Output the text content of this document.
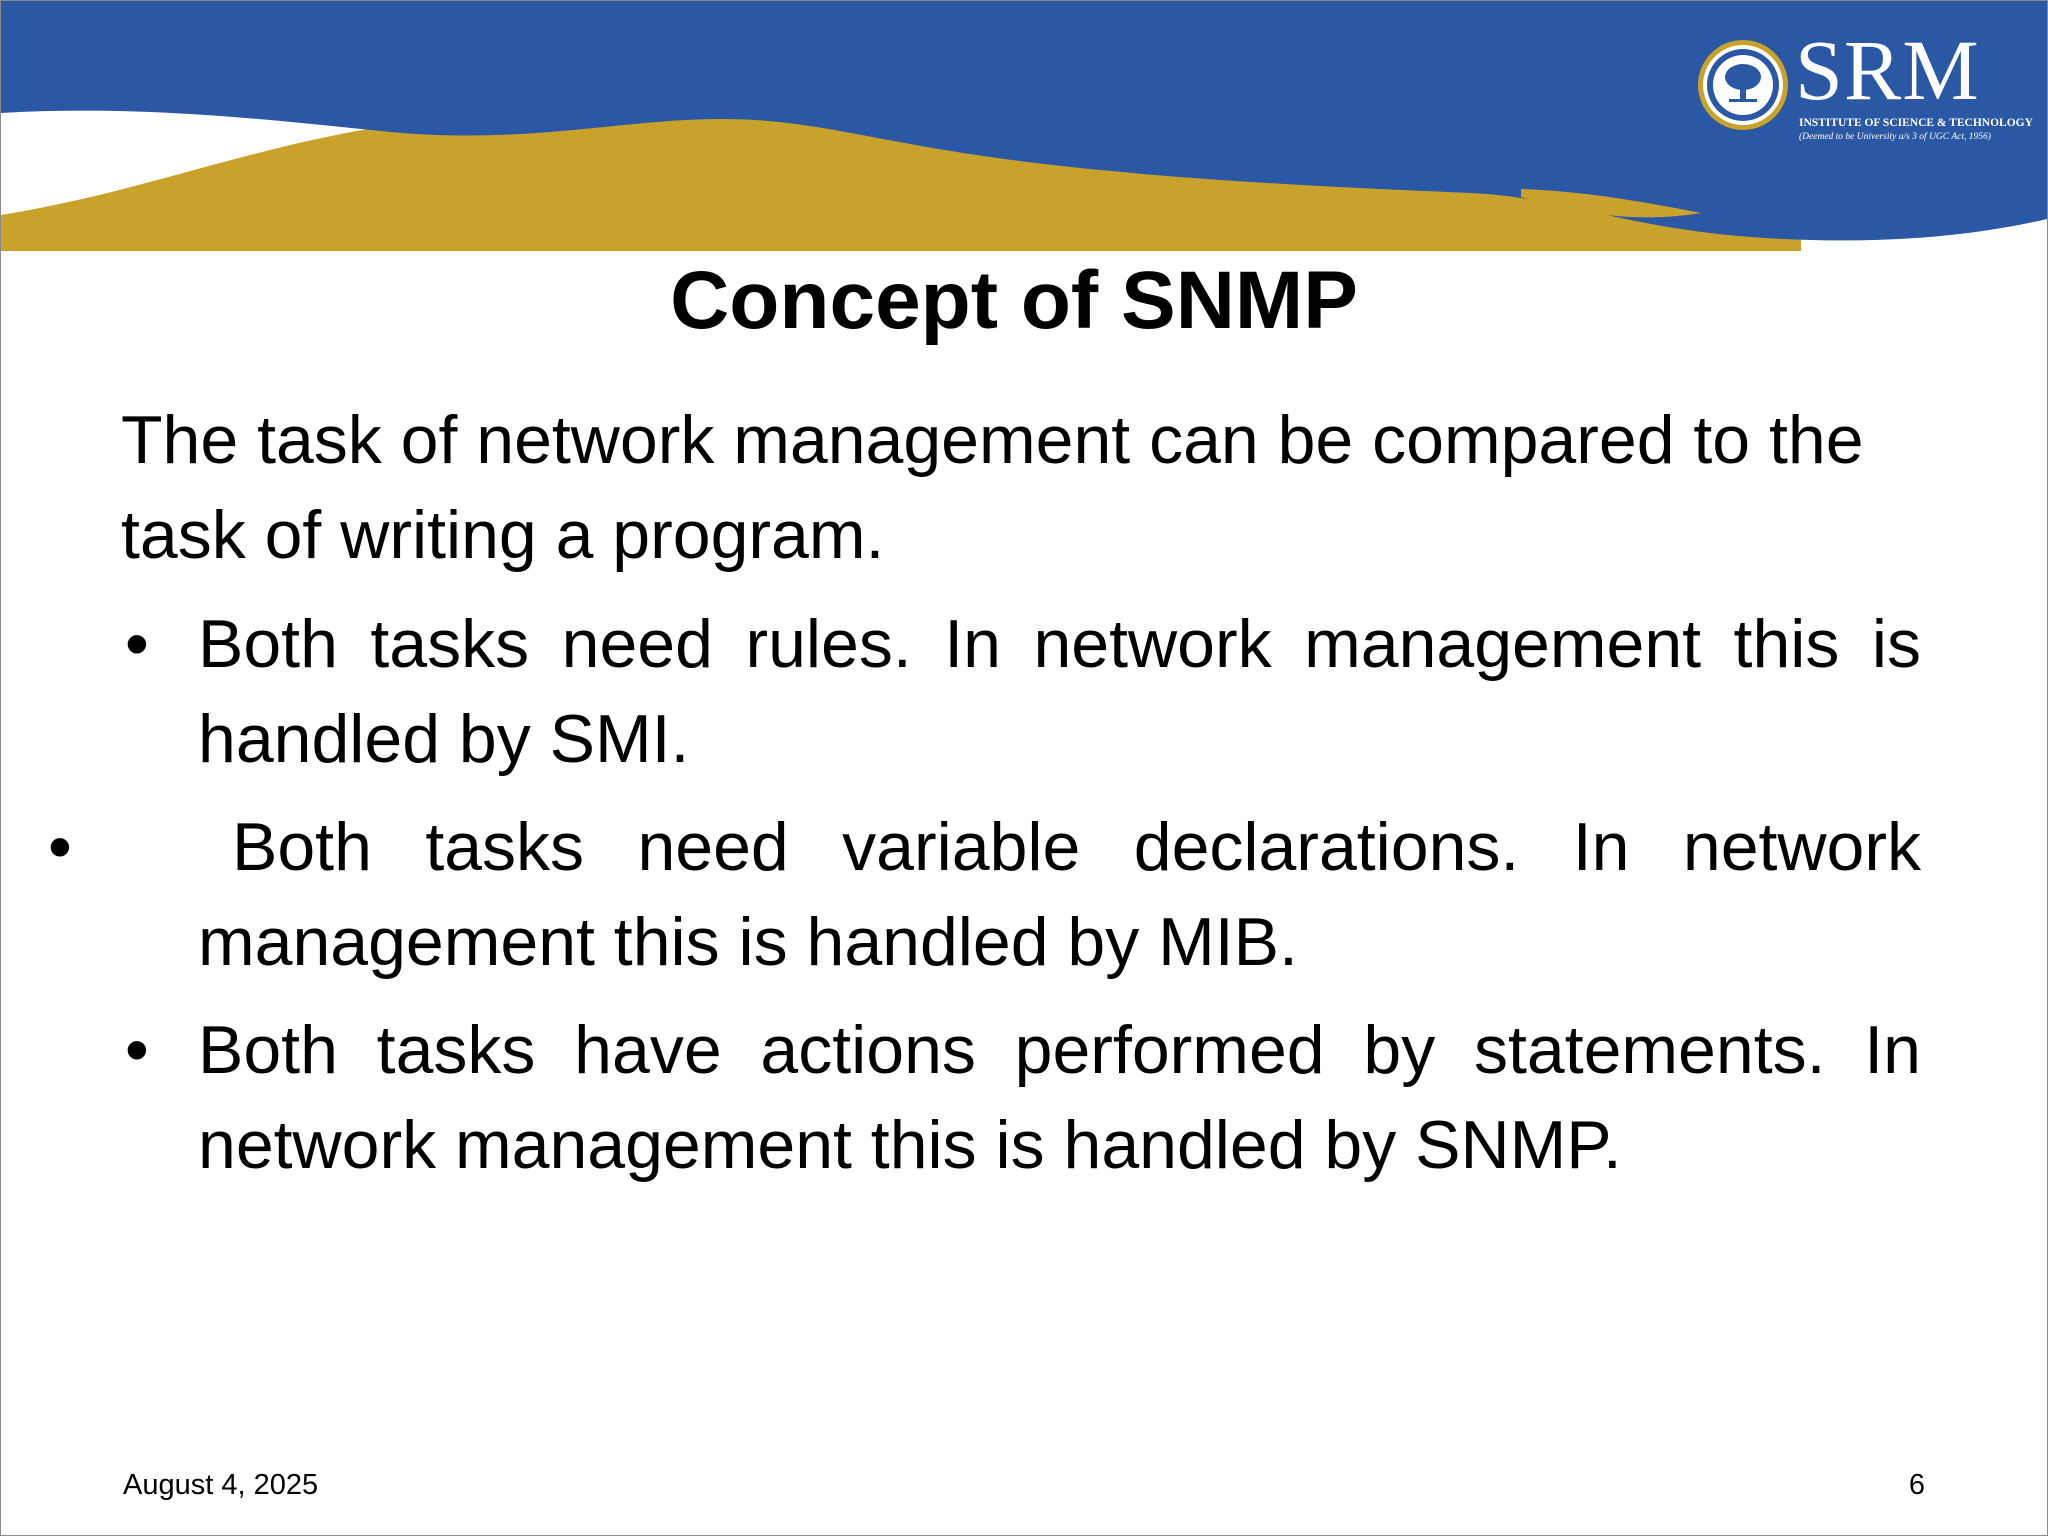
SRM
INSTITUTE OF SCIENCE & TECHNOLOGY
(Deemed to be University u/s 3 of UGC Act, 1956)
Concept of SNMP

The task of network management can be compared to the task of writing a program.

• Both tasks need rules. In network management this is handled by SMI.
• Both tasks need variable declarations. In network management this is handled by MIB.
• Both tasks have actions performed by statements. In network management this is handled by SNMP.
August 4, 2025	6
